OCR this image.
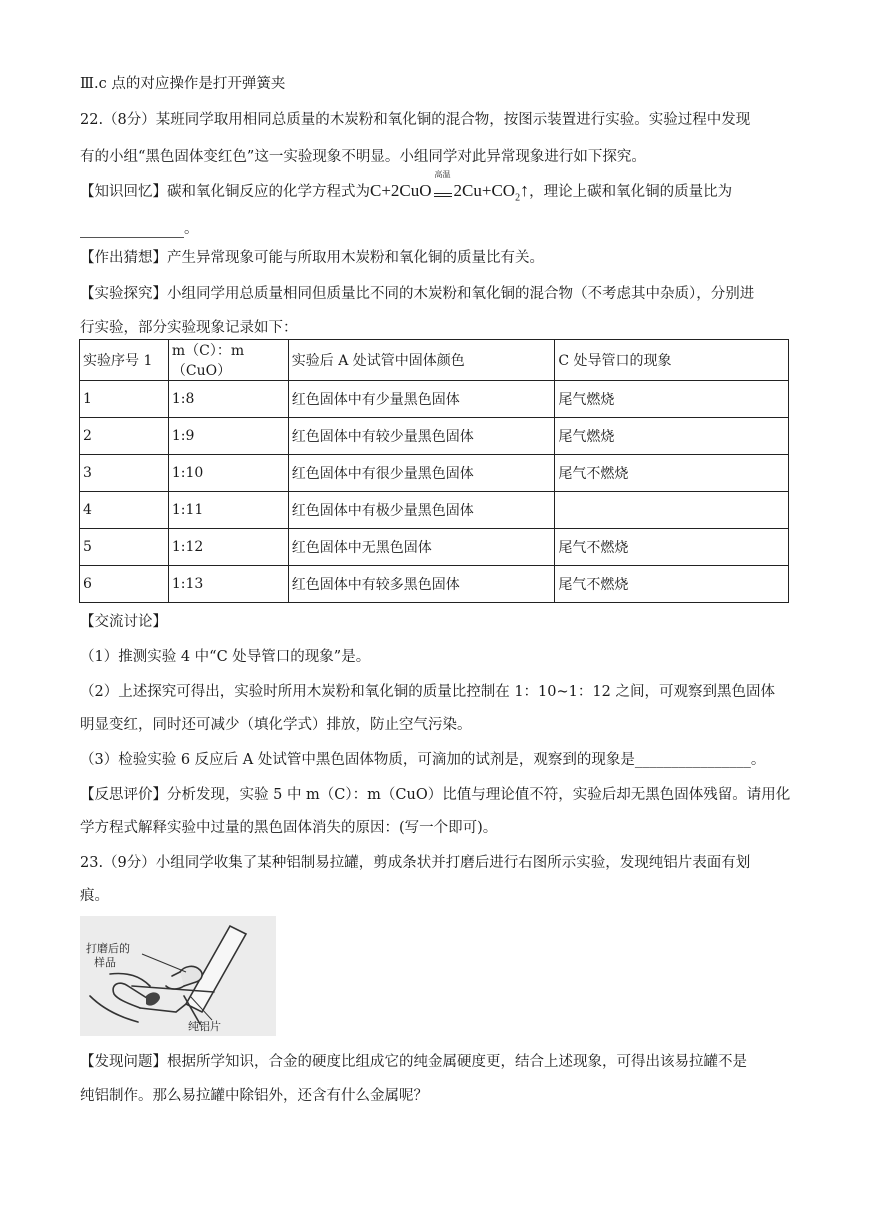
Ⅲ.c 点的对应操作是打开弹簧夹
22.（8分）某班同学取用相同总质量的木炭粉和氧化铜的混合物，按图示装置进行实验。实验过程中发现
有的小组“黑色固体变红色”这一实验现象不明显。小组同学对此异常现象进行如下探究。
【知识回忆】碳和氧化铜反应的化学方程式为C+2CuO
高温
$2Cu+CO_2↑$，理论上碳和氧化铜的质量比为
。
【作出猜想】产生异常现象可能与所取用木炭粉和氧化铜的质量比有关。
【实验探究】小组同学用总质量相同但质量比不同的木炭粉和氧化铜的混合物（不考虑其中杂质），分别进
行实验，部分实验现象记录如下：
实验序号 1	m（C）：m（CuO）	实验后 A 处试管中固体颜色	C 处导管口的现象
1	1:8	红色固体中有少量黑色固体	尾气燃烧
2	1:9	红色固体中有较少量黑色固体	尾气燃烧
3	1:10	红色固体中有很少量黑色固体	尾气不燃烧
4	1:11	红色固体中有极少量黑色固体	
5	1:12	红色固体中无黑色固体	尾气不燃烧
6	1:13	红色固体中有较多黑色固体	尾气不燃烧
【交流讨论】
（1）推测实验 4 中“C 处导管口的现象”是。
（2）上述探究可得出，实验时所用木炭粉和氧化铜的质量比控制在 1：10~1：12 之间，可观察到黑色固体
明显变红，同时还可减少（填化学式）排放，防止空气污染。
（3）检验实验 6 反应后 A 处试管中黑色固体物质，可滴加的试剂是，观察到的现象是________________。
【反思评价】分析发现，实验 5 中 m（C）：m（CuO）比值与理论值不符，实验后却无黑色固体残留。请用化
学方程式解释实验中过量的黑色固体消失的原因：(写一个即可)。
23.（9分）小组同学收集了某种铝制易拉罐，剪成条状并打磨后进行右图所示实验，发现纯铝片表面有划
痕。
打磨后的
样品
纯铝片
【发现问题】根据所学知识，合金的硬度比组成它的纯金属硬度更，结合上述现象，可得出该易拉罐不是
纯铝制作。那么易拉罐中除铝外，还含有什么金属呢？
